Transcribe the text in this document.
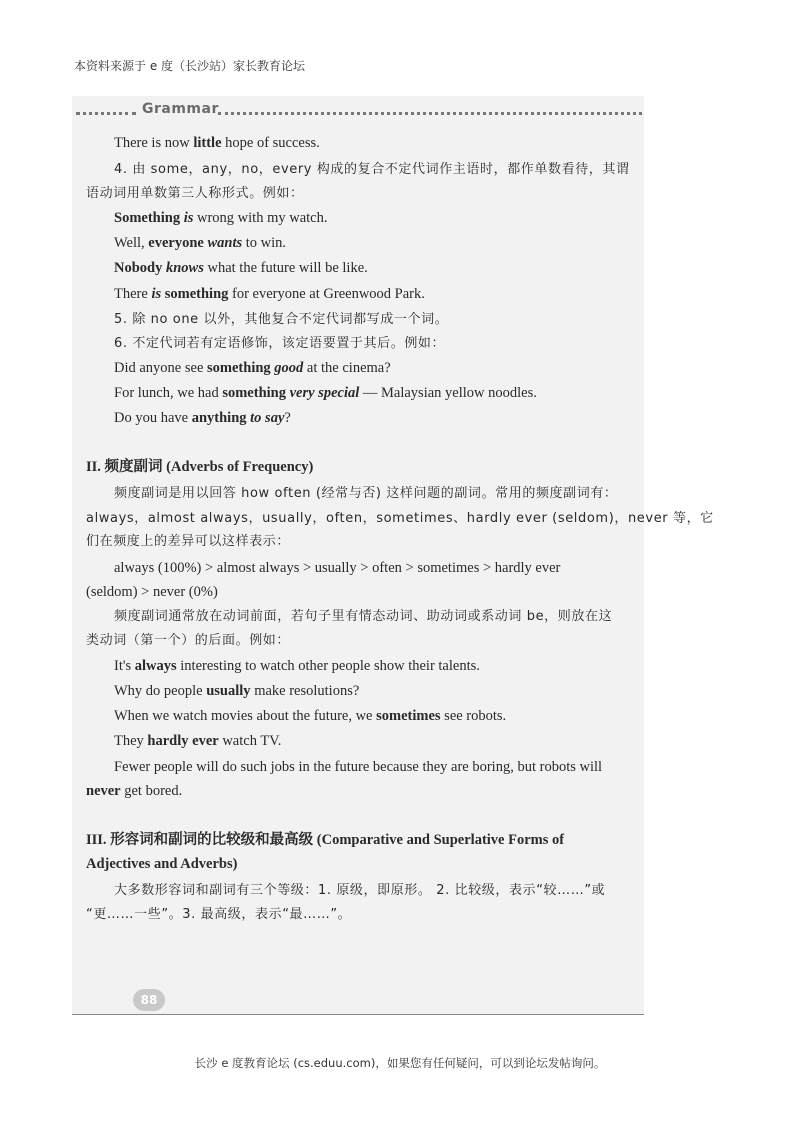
本资料来源于 e 度（长沙站）家长教育论坛
Grammar
There is now little hope of success.
4. 由 some，any，no，every 构成的复合不定代词作主语时，都作单数看待，其谓
语动词用单数第三人称形式。例如：
Something is wrong with my watch.
Well, everyone wants to win.
Nobody knows what the future will be like.
There is something for everyone at Greenwood Park.
5. 除 no one 以外，其他复合不定代词都写成一个词。
6. 不定代词若有定语修饰，该定语要置于其后。例如：
Did anyone see something good at the cinema?
For lunch, we had something very special — Malaysian yellow noodles.
Do you have anything to say?
II. 频度副词 (Adverbs of Frequency)
频度副词是用以回答 how often (经常与否) 这样问题的副词。常用的频度副词有：
always，almost always，usually，often，sometimes、hardly ever (seldom)，never 等，它
们在频度上的差异可以这样表示：
always (100%) > almost always > usually > often > sometimes > hardly ever
(seldom) > never (0%)
频度副词通常放在动词前面，若句子里有情态动词、助动词或系动词 be，则放在这
类动词（第一个）的后面。例如：
It's always interesting to watch other people show their talents.
Why do people usually make resolutions?
When we watch movies about the future, we sometimes see robots.
They hardly ever watch TV.
Fewer people will do such jobs in the future because they are boring, but robots will
never get bored.
III. 形容词和副词的比较级和最高级 (Comparative and Superlative Forms of
Adjectives and Adverbs)
大多数形容词和副词有三个等级：1. 原级，即原形。 2. 比较级，表示“较……”或
“更……一些”。3. 最高级，表示“最……”。
88
长沙 e 度教育论坛 (cs.eduu.com)，如果您有任何疑问，可以到论坛发帖询问。
